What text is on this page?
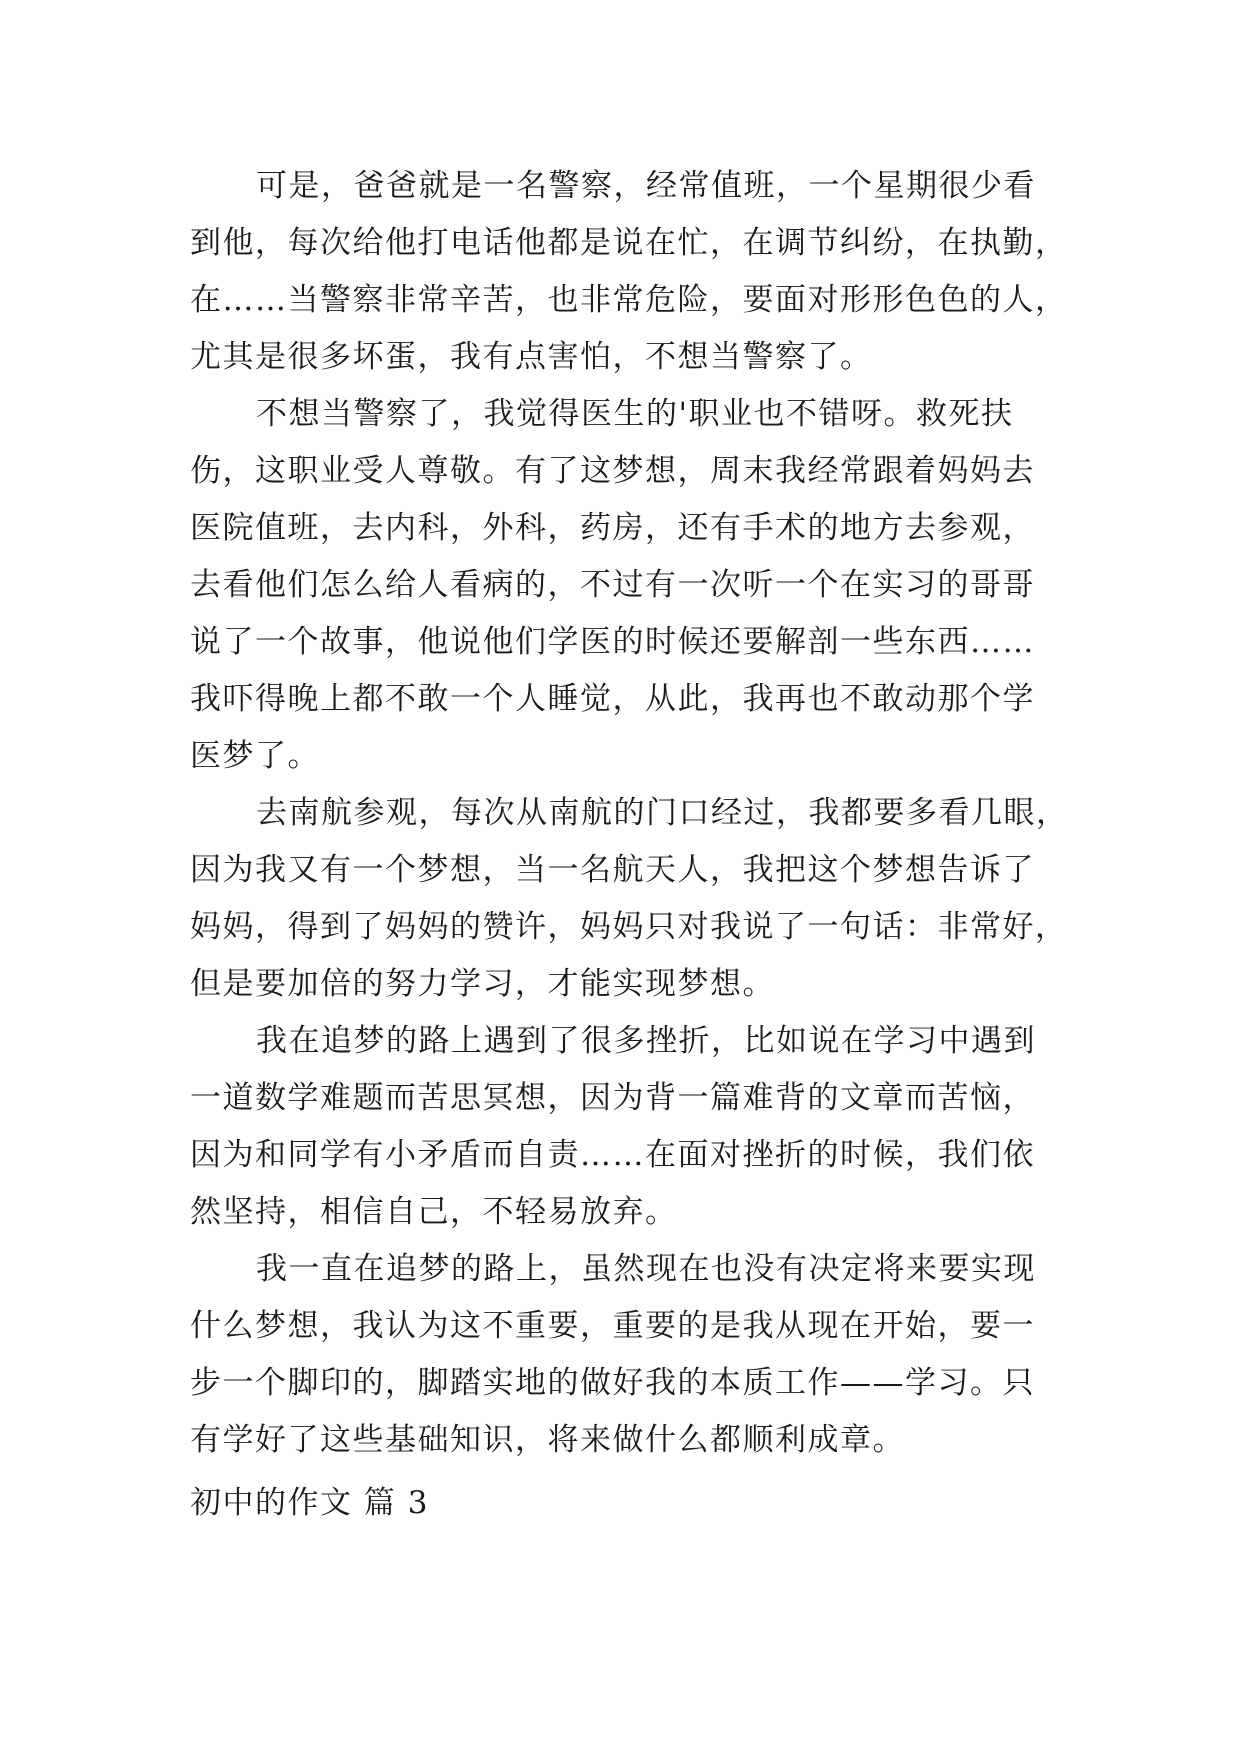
可是，爸爸就是一名警察，经常值班，一个星期很少看
到他，每次给他打电话他都是说在忙，在调节纠纷，在执勤，
在……当警察非常辛苦，也非常危险，要面对形形色色的人，
尤其是很多坏蛋，我有点害怕，不想当警察了。
不想当警察了，我觉得医生的'职业也不错呀。救死扶
伤，这职业受人尊敬。有了这梦想，周末我经常跟着妈妈去
医院值班，去内科，外科，药房，还有手术的地方去参观，
去看他们怎么给人看病的，不过有一次听一个在实习的哥哥
说了一个故事，他说他们学医的时候还要解剖一些东西……
我吓得晚上都不敢一个人睡觉，从此，我再也不敢动那个学
医梦了。
去南航参观，每次从南航的门口经过，我都要多看几眼，
因为我又有一个梦想，当一名航天人，我把这个梦想告诉了
妈妈，得到了妈妈的赞许，妈妈只对我说了一句话：非常好，
但是要加倍的努力学习，才能实现梦想。
我在追梦的路上遇到了很多挫折，比如说在学习中遇到
一道数学难题而苦思冥想，因为背一篇难背的文章而苦恼，
因为和同学有小矛盾而自责……在面对挫折的时候，我们依
然坚持，相信自己，不轻易放弃。
我一直在追梦的路上，虽然现在也没有决定将来要实现
什么梦想，我认为这不重要，重要的是我从现在开始，要一
步一个脚印的，脚踏实地的做好我的本质工作——学习。只
有学好了这些基础知识，将来做什么都顺利成章。
初中的作文 篇 3
